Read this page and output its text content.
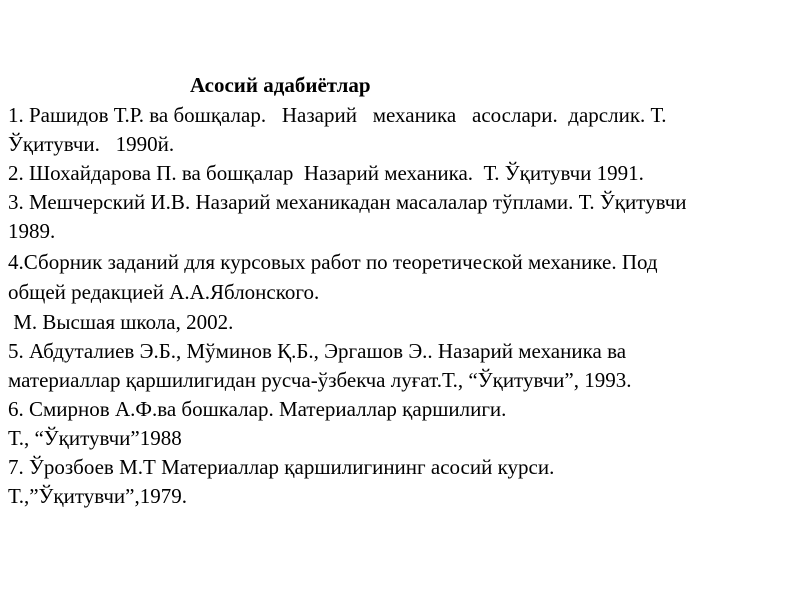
Асосий адабиётлар
1. Рашидов Т.Р. ва бошқалар.   Назарий   механика   асослари.  дарслик. Т.
Ўқитувчи.   1990й.
2. Шохайдарова П. ва бошқалар  Назарий механика.  Т. Ўқитувчи 1991.
3. Мешчерский И.В. Назарий механикадан масалалар тўплами. Т. Ўқитувчи
1989.
4.Сборник заданий для курсовых работ по теоретической механике. Под
общей редакцией А.А.Яблонского.
М. Высшая школа, 2002.
5. Абдуталиев Э.Б., Мўминов Қ.Б., Эргашов Э.. Назарий механика ва
материаллар қаршилигидан русча-ўзбекча луғат.Т., “Ўқитувчи”, 1993.
6. Смирнов А.Ф.ва бошкалар. Материаллар қаршилиги.
Т., “Ўқитувчи”1988
7. Ўрозбоев М.Т Материаллар қаршилигининг асосий курси.
Т.,”Ўқитувчи”,1979.
